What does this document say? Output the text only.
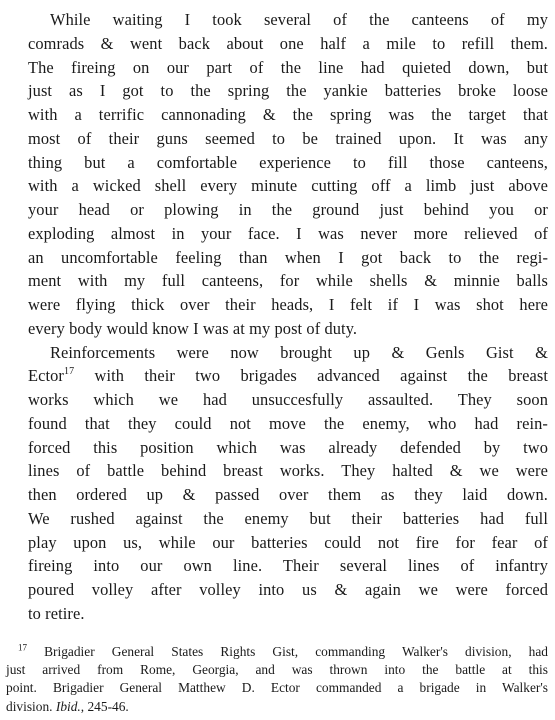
While waiting I took several of the canteens of my
comrads & went back about one half a mile to refill them.
The fireing on our part of the line had quieted down, but
just as I got to the spring the yankie batteries broke loose
with a terrific cannonading & the spring was the target that
most of their guns seemed to be trained upon. It was any
thing but a comfortable experience to fill those canteens,
with a wicked shell every minute cutting off a limb just above
your head or plowing in the ground just behind you or
exploding almost in your face. I was never more relieved of
an uncomfortable feeling than when I got back to the regi-
ment with my full canteens, for while shells & minnie balls
were flying thick over their heads, I felt if I was shot here
every body would know I was at my post of duty.
Reinforcements were now brought up & Genls Gist &
Ector$^{17}$ with their two brigades advanced against the breast
works which we had unsuccesfully assaulted. They soon
found that they could not move the enemy, who had rein-
forced this position which was already defended by two
lines of battle behind breast works. They halted & we were
then ordered up & passed over them as they laid down.
We rushed against the enemy but their batteries had full
play upon us, while our batteries could not fire for fear of
fireing into our own line. Their several lines of infantry
poured volley after volley into us & again we were forced
to retire.
$^{17}$ Brigadier General States Rights Gist, commanding Walker's division, had
just arrived from Rome, Georgia, and was thrown into the battle at this
point. Brigadier General Matthew D. Ector commanded a brigade in Walker's
division. Ibid., 245-46.
